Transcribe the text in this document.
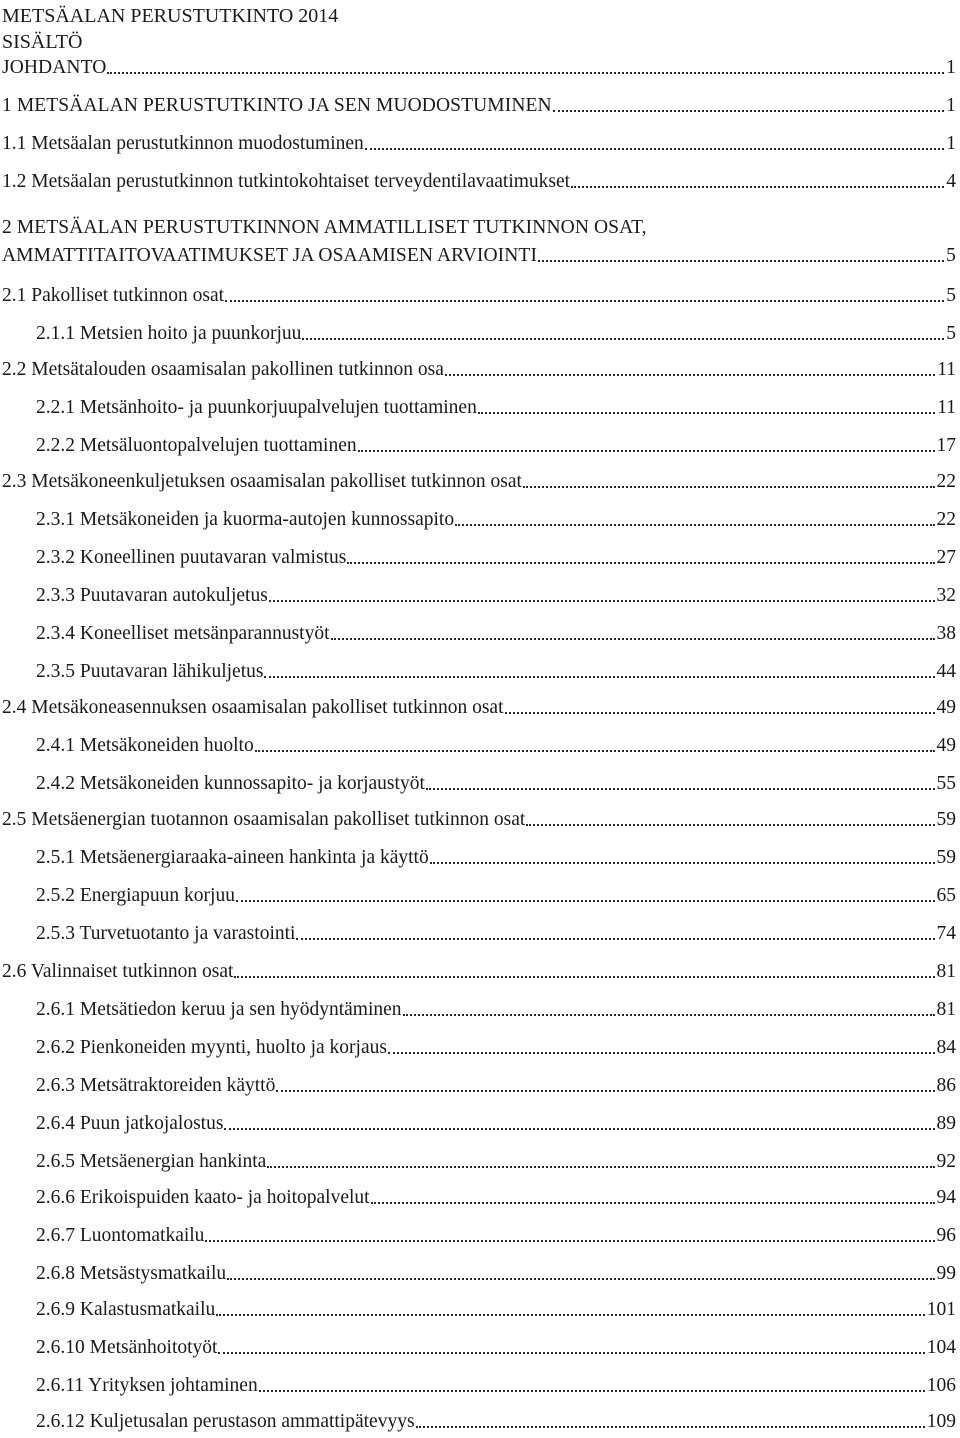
METSÄALAN PERUSTUTKINTO 2014
SISÄLTÖ
JOHDANTO	1
1 METSÄALAN PERUSTUTKINTO JA SEN MUODOSTUMINEN	1
1.1 Metsäalan perustutkinnon muodostuminen	1
1.2 Metsäalan perustutkinnon tutkintokohtaiset terveydentilavaatimukset	4
2 METSÄALAN PERUSTUTKINNON AMMATILLISET TUTKINNON OSAT,
AMMATTITAITOVAATIMUKSET JA OSAAMISEN ARVIOINTI	5
2.1 Pakolliset tutkinnon osat	5
2.1.1 Metsien hoito ja puunkorjuu	5
2.2 Metsätalouden osaamisalan pakollinen tutkinnon osa	11
2.2.1 Metsänhoito- ja puunkorjuupalvelujen tuottaminen	11
2.2.2 Metsäluontopalvelujen tuottaminen	17
2.3 Metsäkoneenkuljetuksen osaamisalan pakolliset tutkinnon osat	22
2.3.1 Metsäkoneiden ja kuorma-autojen kunnossapito	22
2.3.2 Koneellinen puutavaran valmistus	27
2.3.3 Puutavaran autokuljetus	32
2.3.4 Koneelliset metsänparannustyöt	38
2.3.5 Puutavaran lähikuljetus	44
2.4 Metsäkoneasennuksen osaamisalan pakolliset tutkinnon osat	49
2.4.1 Metsäkoneiden huolto	49
2.4.2 Metsäkoneiden kunnossapito- ja korjaustyöt	55
2.5 Metsäenergian tuotannon osaamisalan pakolliset tutkinnon osat	59
2.5.1 Metsäenergiaraaka-aineen hankinta ja käyttö	59
2.5.2 Energiapuun korjuu	65
2.5.3 Turvetuotanto ja varastointi	74
2.6 Valinnaiset tutkinnon osat	81
2.6.1 Metsätiedon keruu ja sen hyödyntäminen	81
2.6.2 Pienkoneiden myynti, huolto ja korjaus	84
2.6.3 Metsätraktoreiden käyttö	86
2.6.4 Puun jatkojalostus	89
2.6.5 Metsäenergian hankinta	92
2.6.6 Erikoispuiden kaato- ja hoitopalvelut	94
2.6.7 Luontomatkailu	96
2.6.8 Metsästysmatkailu	99
2.6.9 Kalastusmatkailu	101
2.6.10 Metsänhoitotyöt	104
2.6.11 Yrityksen johtaminen	106
2.6.12 Kuljetusalan perustason ammattipätevyys	109
